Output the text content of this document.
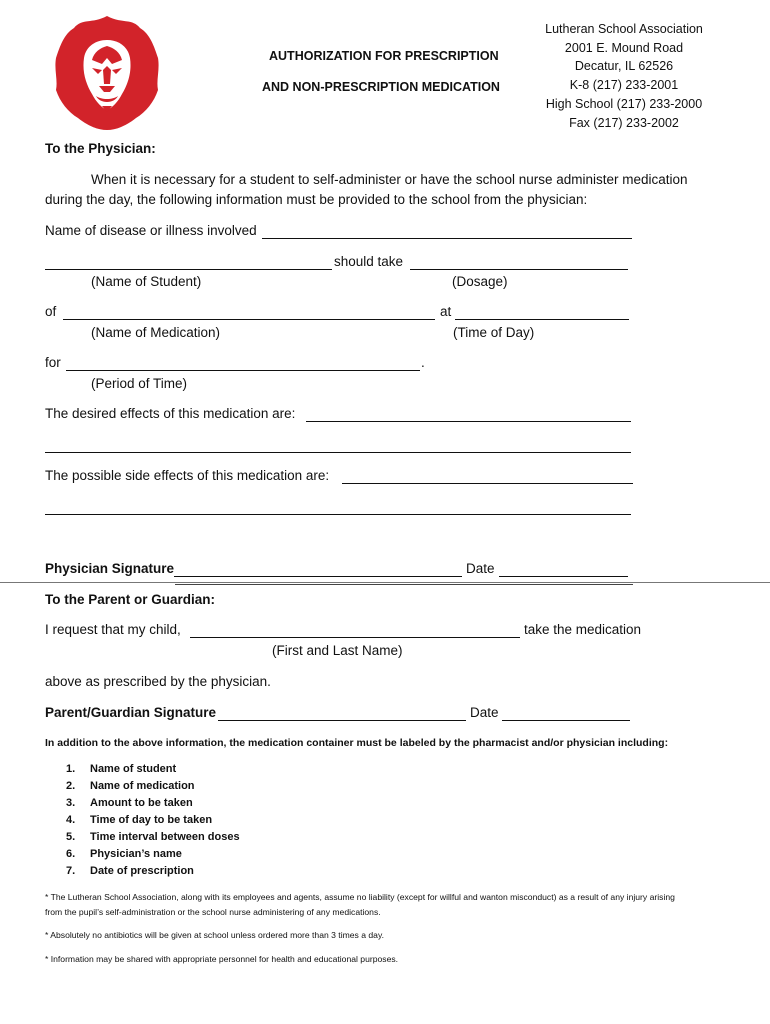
AUTHORIZATION FOR PRESCRIPTION
AND NON-PRESCRIPTION MEDICATION
Lutheran School Association
2001 E. Mound Road
Decatur, IL 62526
K-8 (217) 233-2001
High School (217) 233-2000
Fax (217) 233-2002
To the Physician:
When it is necessary for a student to self-administer or have the school nurse administer medication
during the day, the following information must be provided to the school from the physician:
Name of disease or illness involved
should take
(Name of Student)	(Dosage)
of	at
(Name of Medication)	(Time of Day)
for	.
(Period of Time)
The desired effects of this medication are:
The possible side effects of this medication are:
Physician Signature	Date
To the Parent or Guardian:
I request that my child,	take the medication
(First and Last Name)
above as prescribed by the physician.
Parent/Guardian Signature	Date
In addition to the above information, the medication container must be labeled by the pharmacist and/or physician including:
1.	Name of student
2.	Name of medication
3.	Amount to be taken
4.	Time of day to be taken
5.	Time interval between doses
6.	Physician’s name
7.	Date of prescription
* The Lutheran School Association, along with its employees and agents, assume no liability (except for willful and wanton misconduct) as a result of any injury arising
from the pupil’s self-administration or the school nurse administering of any medications.
* Absolutely no antibiotics will be given at school unless ordered more than 3 times a day.
* Information may be shared with appropriate personnel for health and educational purposes.
